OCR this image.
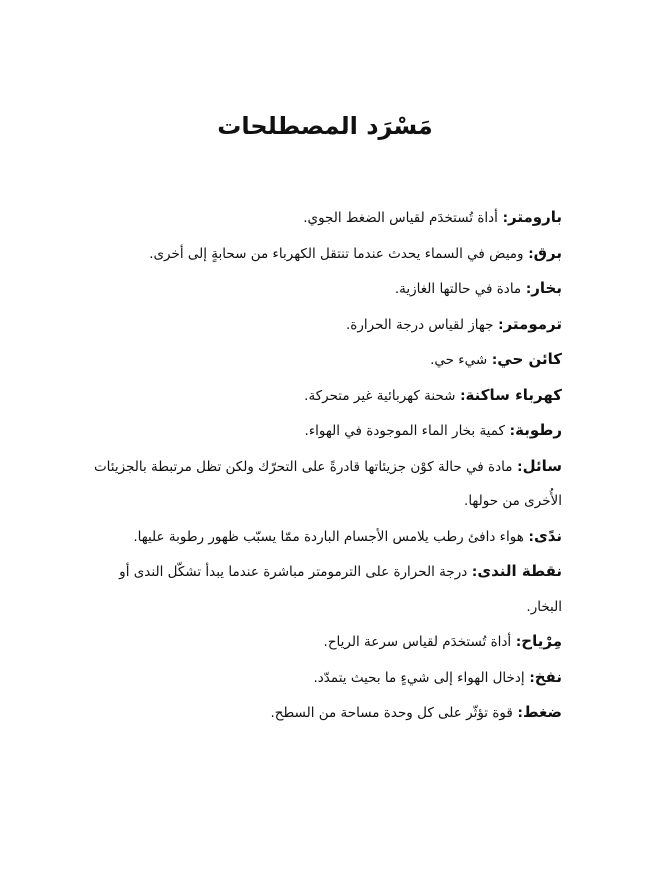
مَسْرَد المصطلحات
بارومتر: أداة تُستخدَم لقياس الضغط الجوي.
برق: وميض في السماء يحدث عندما تنتقل الكهرباء من سحابةٍ إلى أخرى.
بخار: مادة في حالتها الغازية.
ترمومتر: جهاز لقياس درجة الحرارة.
كائن حي: شيء حي.
كهرباء ساكنة: شحنة كهربائية غير متحركة.
رطوبة: كمية بخار الماء الموجودة في الهواء.
سائل: مادة في حالة كوْن جزيئاتها قادرةً على التحرّك ولكن تظل مرتبطة بالجزيئات الأُخرى من حولها.
ندًى: هواء دافئ رطب يلامس الأجسام الباردة ممّا يسبّب ظهور رطوبة عليها.
نقطة الندى: درجة الحرارة على الترمومتر مباشرة عندما يبدأ تشكّل الندى أو البخار.
مِرْياح: أداة تُستخدَم لقياس سرعة الرياح.
نفخ: إدخال الهواء إلى شيءٍ ما بحيث يتمدّد.
ضغط: قوة تؤثّر على كل وحدة مساحة من السطح.
